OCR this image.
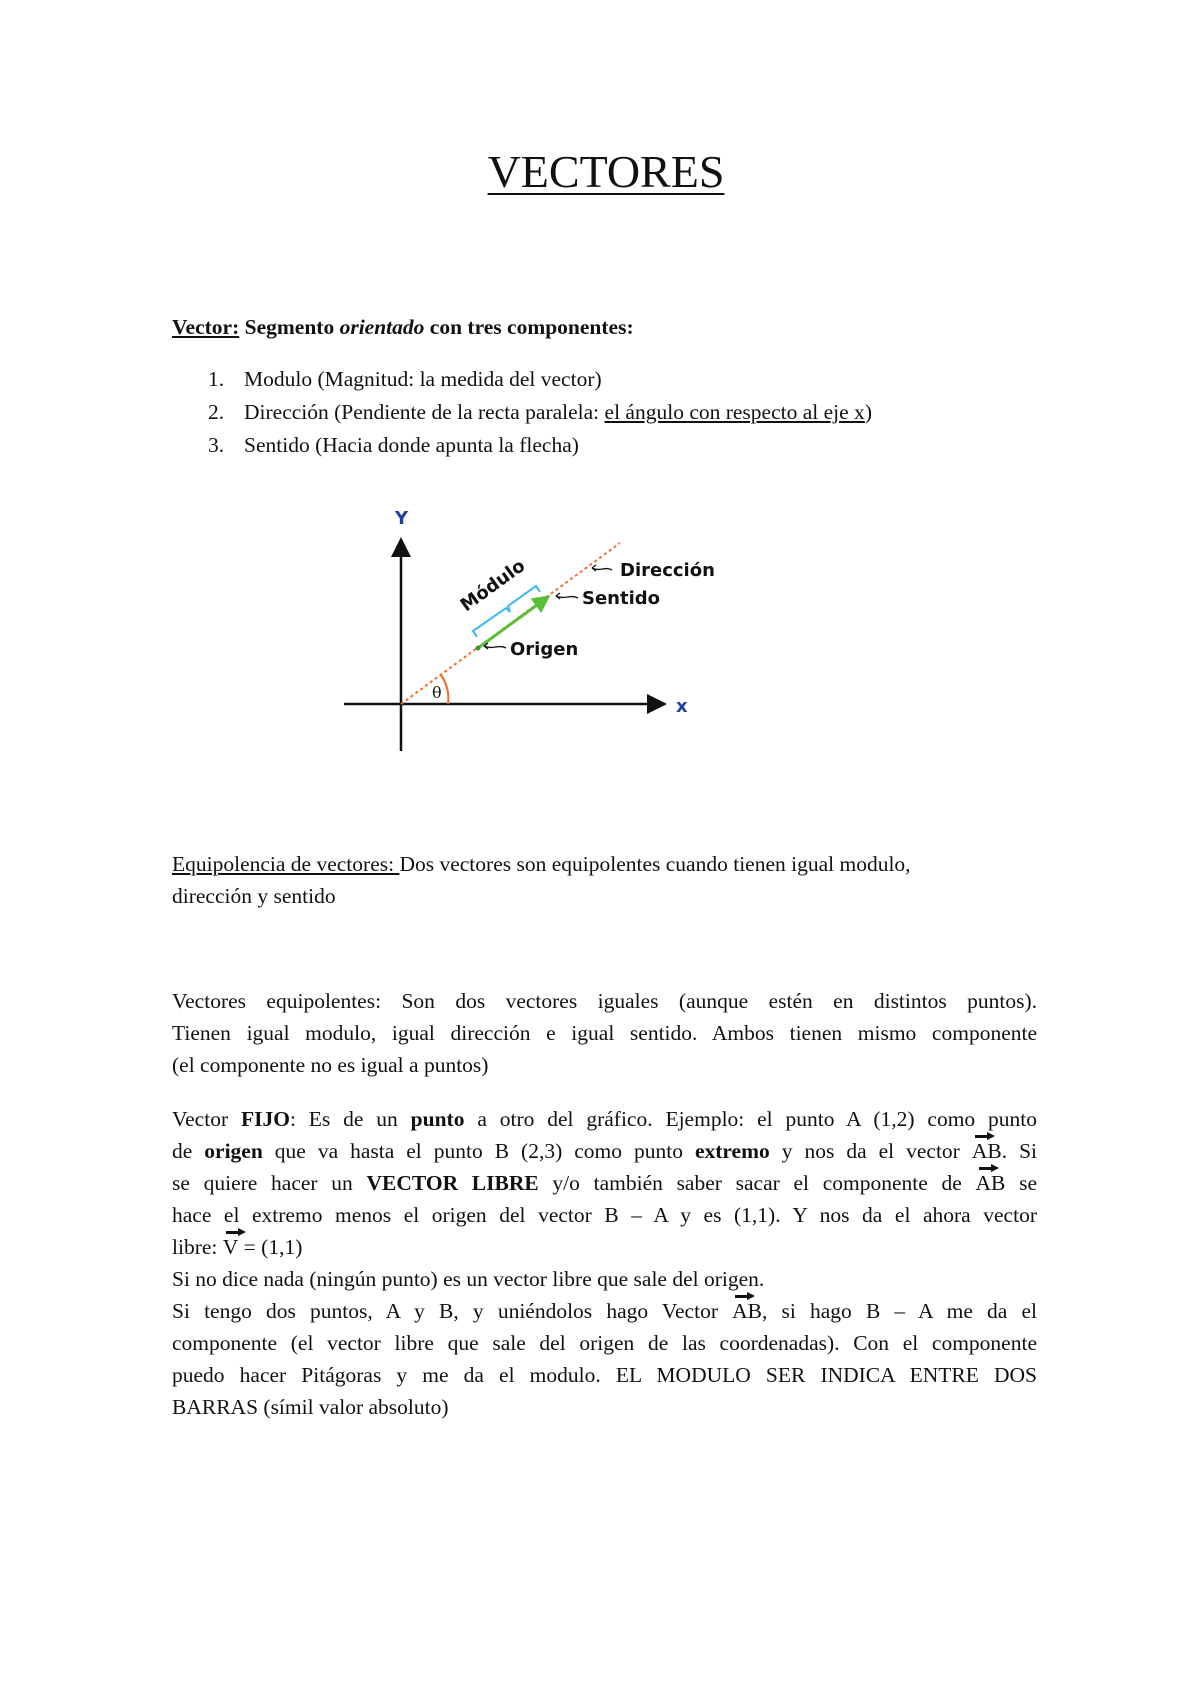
VECTORES
Vector: Segmento orientado con tres componentes:
1. Modulo (Magnitud: la medida del vector)
2. Dirección (Pendiente de la recta paralela: el ángulo con respecto al eje x)
3. Sentido (Hacia donde apunta la flecha)
Y
x
θ
Módulo	Dirección
Sentido
Origen
Equipolencia de vectores: Dos vectores son equipolentes cuando tienen igual modulo,
dirección y sentido
Vectores equipolentes: Son dos vectores iguales (aunque estén en distintos puntos).
Tienen igual modulo, igual dirección e igual sentido. Ambos tienen mismo componente
(el componente no es igual a puntos)
Vector FIJO: Es de un punto a otro del gráfico. Ejemplo: el punto A (1,2) como punto
de origen que va hasta el punto B (2,3) como punto extremo y nos da el vector AB
. Si
se quiere hacer un VECTOR LIBRE y/o también saber sacar el componente de AB
se
hace el extremo menos el origen del vector B – A y es (1,1). Y nos da el ahora vector
libre: V
= (1,1)
Si no dice nada (ningún punto) es un vector libre que sale del origen.
Si tengo dos puntos, A y B, y uniéndolos hago Vector AB
, si hago B – A me da el
componente (el vector libre que sale del origen de las coordenadas). Con el componente
puedo hacer Pitágoras y me da el modulo. EL MODULO SER INDICA ENTRE DOS
BARRAS (símil valor absoluto)
